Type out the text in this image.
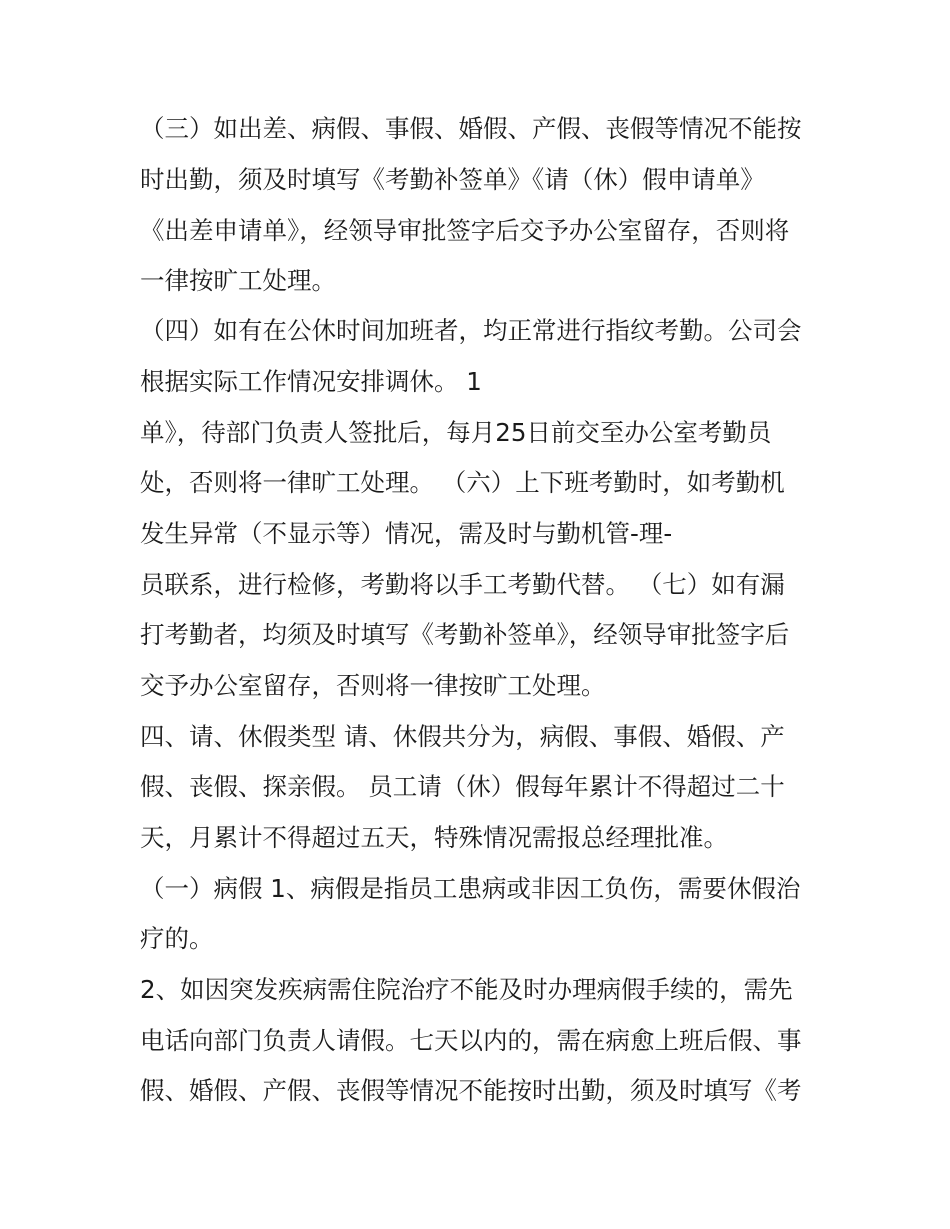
（三）如出差、病假、事假、婚假、产假、丧假等情况不能按
时出勤，须及时填写《考勤补签单》《请（休）假申请单》
《出差申请单》，经领导审批签字后交予办公室留存，否则将
一律按旷工处理。
（四）如有在公休时间加班者，均正常进行指纹考勤。公司会
根据实际工作情况安排调休。 1
单》，待部门负责人签批后，每月25日前交至办公室考勤员
处，否则将一律旷工处理。 （六）上下班考勤时，如考勤机
发生异常（不显示等）情况，需及时与勤机管-理-
员联系，进行检修，考勤将以手工考勤代替。 （七）如有漏
打考勤者，均须及时填写《考勤补签单》，经领导审批签字后
交予办公室留存，否则将一律按旷工处理。
四、请、休假类型 请、休假共分为，病假、事假、婚假、产
假、丧假、探亲假。 员工请（休）假每年累计不得超过二十
天，月累计不得超过五天，特殊情况需报总经理批准。
（一）病假 1、病假是指员工患病或非因工负伤，需要休假治
疗的。
2、如因突发疾病需住院治疗不能及时办理病假手续的，需先
电话向部门负责人请假。七天以内的，需在病愈上班后假、事
假、婚假、产假、丧假等情况不能按时出勤，须及时填写《考
